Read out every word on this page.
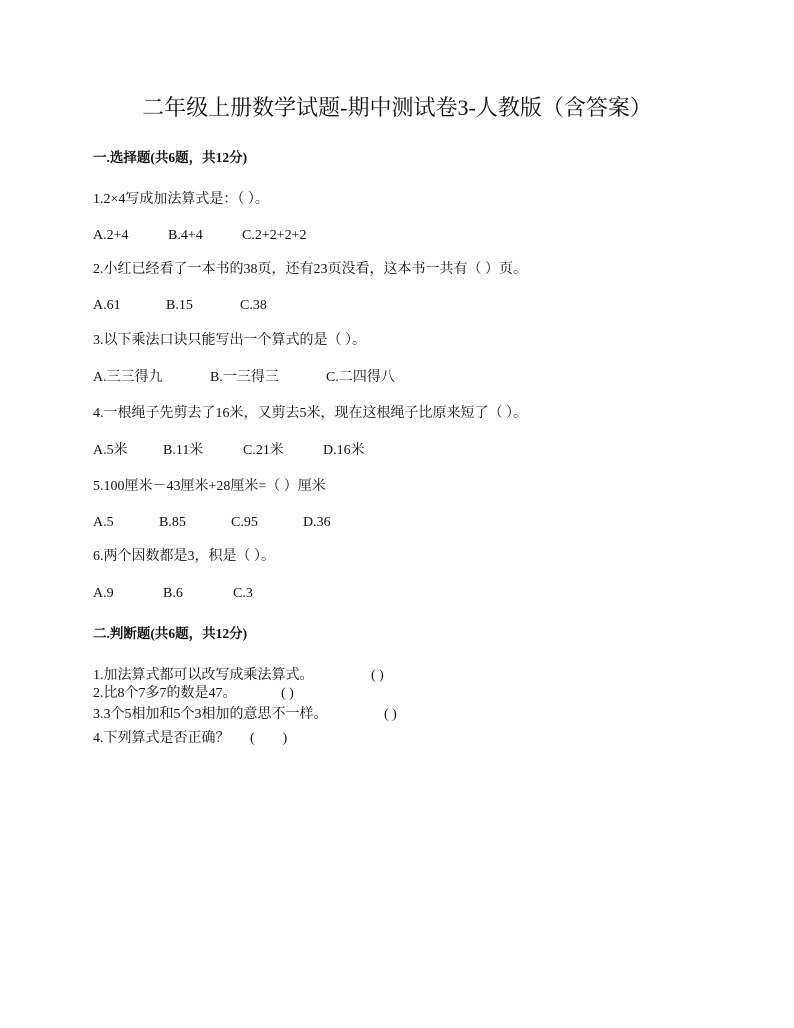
二年级上册数学试题-期中测试卷3-人教版（含答案）
一.选择题(共6题，共12分)
1.2×4写成加法算式是：（ ）。
A.2+4	B.4+4	C.2+2+2+2
2.小红已经看了一本书的38页，还有23页没看，这本书一共有（ ）页。
A.61	B.15	C.38
3.以下乘法口诀只能写出一个算式的是（ ）。
A.三三得九	B.一三得三	C.二四得八
4.一根绳子先剪去了16米，又剪去5米，现在这根绳子比原来短了（ ）。
A.5米	B.11米	C.21米	D.16米
5.100厘米－43厘米+28厘米=（ ）厘米
A.5	B.85	C.95	D.36
6.两个因数都是3，积是（ ）。
A.9	B.6	C.3
二.判断题(共6题，共12分)
1.加法算式都可以改写成乘法算式。	( )
2.比8个7多7的数是47。	( )
3.3个5相加和5个3相加的意思不一样。	( )
4.下列算式是否正确？ (　　)
